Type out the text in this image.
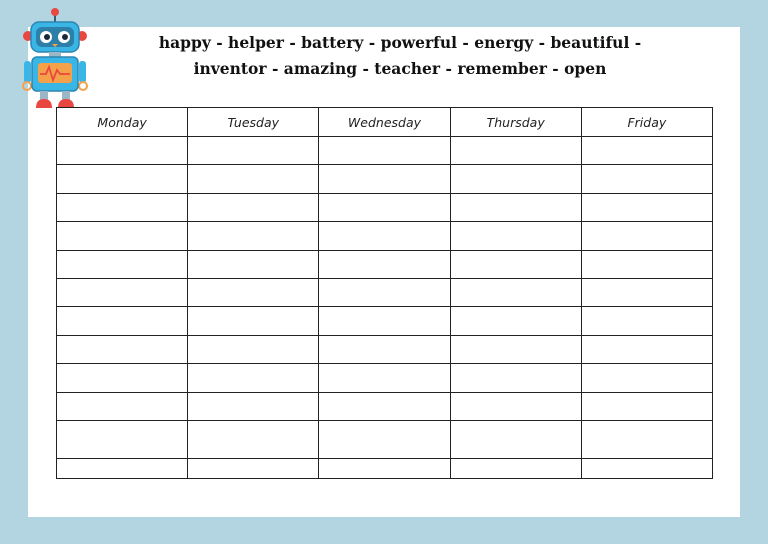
happy - helper - battery - powerful - energy - beautiful -
inventor - amazing - teacher - remember - open
Monday	Tuesday	Wednesday	Thursday	Friday
